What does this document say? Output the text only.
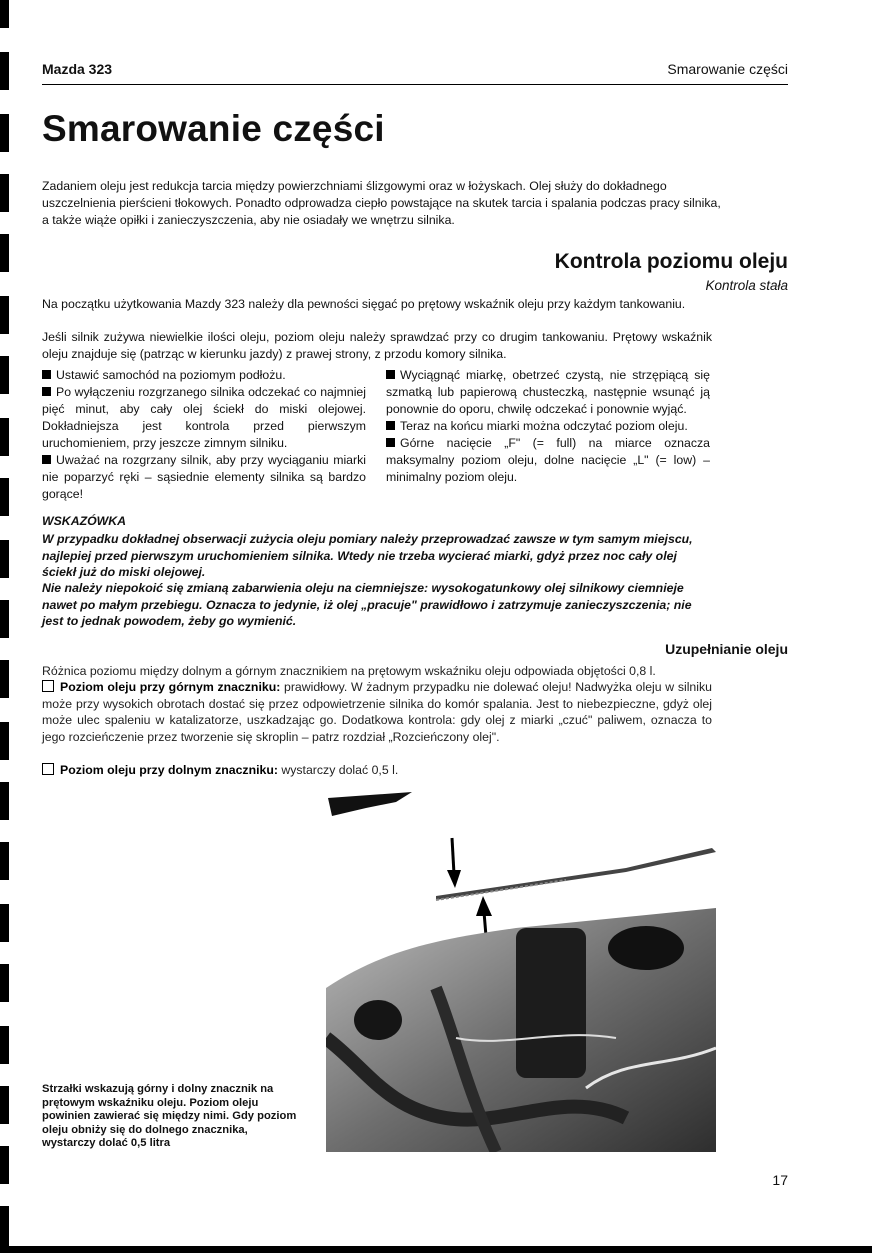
Mazda 323	Smarowanie części
Smarowanie części
Zadaniem oleju jest redukcja tarcia między powierzchniami ślizgowymi oraz w łożyskach. Olej służy do dokładnego uszczelnienia pierścieni tłokowych. Ponadto odprowadza ciepło powstające na skutek tarcia i spalania podczas pracy silnika, a także wiąże opiłki i zanieczyszczenia, aby nie osiadały we wnętrzu silnika.
Kontrola poziomu oleju
Kontrola stała
Na początku użytkowania Mazdy 323 należy dla pewności sięgać po prętowy wskaźnik oleju przy każdym tankowaniu.
Jeśli silnik zużywa niewielkie ilości oleju, poziom oleju należy sprawdzać przy co drugim tankowaniu. Prętowy wskaźnik oleju znajduje się (patrząc w kierunku jazdy) z prawej strony, z przodu komory silnika.

Ustawić samochód na poziomym podłożu.

Po wyłączeniu rozgrzanego silnika odczekać co najmniej pięć minut, aby cały olej ściekł do miski olejowej. Dokładniejsza jest kontrola przed pierwszym uruchomieniem, przy jeszcze zimnym silniku.

Uważać na rozgrzany silnik, aby przy wyciąganiu miarki nie poparzyć ręki – sąsiednie elementy silnika są bardzo gorące!

Wyciągnąć miarkę, obetrzeć czystą, nie strzępiącą się szmatką lub papierową chusteczką, następnie wsunąć ją ponownie do oporu, chwilę odczekać i ponownie wyjąć.

Teraz na końcu miarki można odczytać poziom oleju.

Górne nacięcie „F" (= full) na miarce oznacza maksymalny poziom oleju, dolne nacięcie „L" (= low) – minimalny poziom oleju.

WSKAZÓWKA
W przypadku dokładnej obserwacji zużycia oleju pomiary należy przeprowadzać zawsze w tym samym miejscu, najlepiej przed pierwszym uruchomieniem silnika. Wtedy nie trzeba wycierać miarki, gdyż przez noc cały olej ściekł już do miski olejowej.
Nie należy niepokoić się zmianą zabarwienia oleju na ciemniejsze: wysokogatunkowy olej silnikowy ciemnieje nawet po małym przebiegu. Oznacza to jedynie, iż olej „pracuje" prawidłowo i zatrzymuje zanieczyszczenia; nie jest to jednak powodem, żeby go wymienić.
Uzupełnianie oleju
Różnica poziomu między dolnym a górnym znacznikiem na prętowym wskaźniku oleju odpowiada objętości 0,8 l.
Poziom oleju przy górnym znaczniku: prawidłowy. W żadnym przypadku nie dolewać oleju! Nadwyżka oleju w silniku może przy wysokich obrotach dostać się przez odpowietrzenie silnika do komór spalania. Jest to niebezpieczne, gdyż olej może ulec spaleniu w katalizatorze, uszkadzając go. Dodatkowa kontrola: gdy olej z miarki „czuć" paliwem, oznacza to jego rozcieńczenie przez tworzenie się skroplin – patrz rozdział „Rozcieńczony olej".
Poziom oleju przy dolnym znaczniku: wystarczy dolać 0,5 l.
Strzałki wskazują górny i dolny znacznik na prętowym wskaźniku oleju. Poziom oleju powinien zawierać się między nimi. Gdy poziom oleju obniży się do dolnego znacznika, wystarczy dolać 0,5 litra
17
